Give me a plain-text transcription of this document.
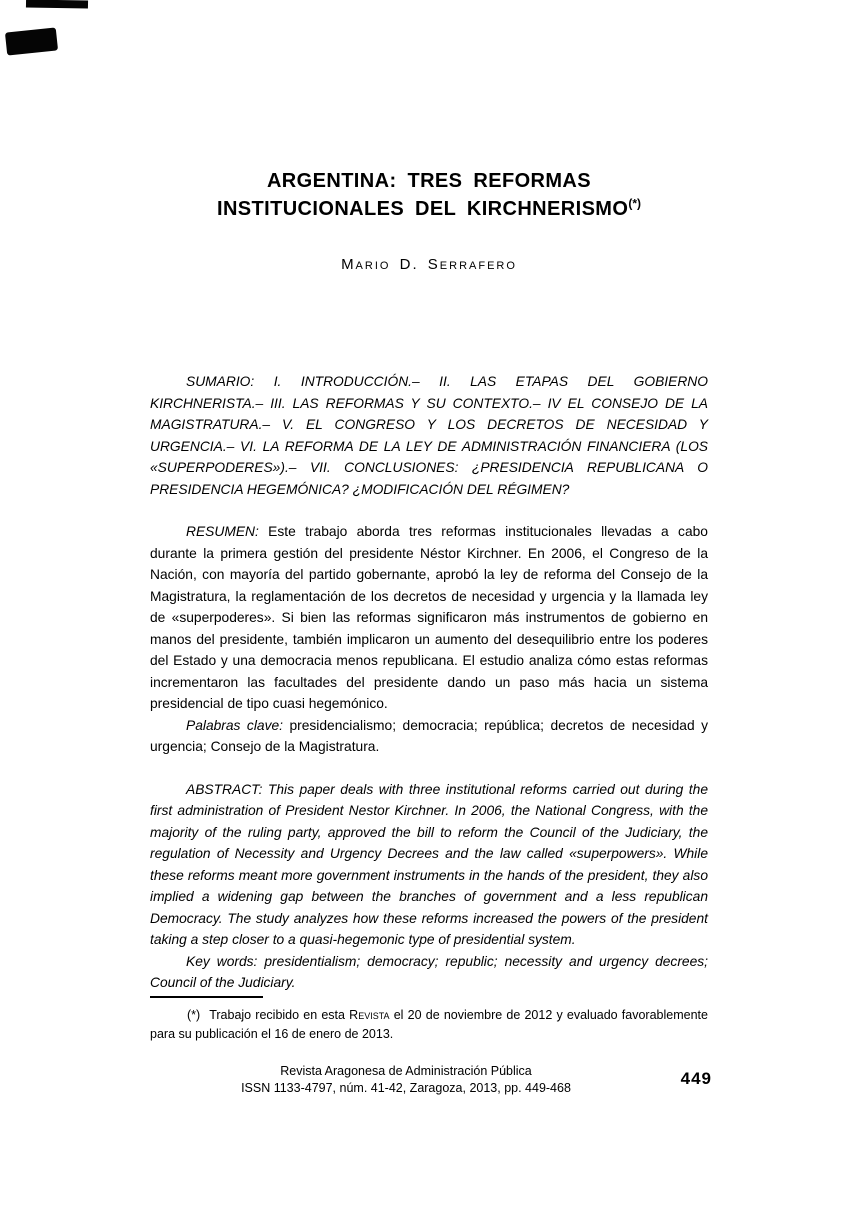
ARGENTINA: TRES REFORMAS
INSTITUCIONALES DEL KIRCHNERISMO(*)
Mario D. Serrafero

SUMARIO: I. INTRODUCCIÓN.– II. LAS ETAPAS DEL GOBIERNO KIRCHNERISTA.– III. LAS REFORMAS Y SU CONTEXTO.– IV EL CONSEJO DE LA MAGISTRATURA.– V. EL CONGRESO Y LOS DECRETOS DE NECESIDAD Y URGENCIA.– VI. LA REFORMA DE LA LEY DE ADMINISTRACIÓN FINANCIERA (LOS «SUPERPODERES»).– VII. CONCLUSIONES: ¿PRESIDENCIA REPUBLICANA O PRESIDENCIA HEGEMÓNICA? ¿MODIFICACIÓN DEL RÉGIMEN?

RESUMEN: Este trabajo aborda tres reformas institucionales llevadas a cabo durante la primera gestión del presidente Néstor Kirchner. En 2006, el Congreso de la Nación, con mayoría del partido gobernante, aprobó la ley de reforma del Consejo de la Magistratura, la reglamentación de los decretos de necesidad y urgencia y la llamada ley de «superpoderes». Si bien las reformas significaron más instrumentos de gobierno en manos del presidente, también implicaron un aumento del desequilibrio entre los poderes del Estado y una democracia menos republicana. El estudio analiza cómo estas reformas incrementaron las facultades del presidente dando un paso más hacia un sistema presidencial de tipo cuasi hegemónico.

Palabras clave: presidencialismo; democracia; república; decretos de necesidad y urgencia; Consejo de la Magistratura.

ABSTRACT: This paper deals with three institutional reforms carried out during the first administration of President Nestor Kirchner. In 2006, the National Congress, with the majority of the ruling party, approved the bill to reform the Council of the Judiciary, the regulation of Necessity and Urgency Decrees and the law called «superpowers». While these reforms meant more government instruments in the hands of the president, they also implied a widening gap between the branches of government and a less republican Democracy. The study analyzes how these reforms increased the powers of the president taking a step closer to a quasi-hegemonic type of presidential system.

Key words: presidentialism; democracy; republic; necessity and urgency decrees; Council of the Judiciary.

(*) Trabajo recibido en esta Revista el 20 de noviembre de 2012 y evaluado favorablemente para su publicación el 16 de enero de 2013.
Revista Aragonesa de Administración Pública
ISSN 1133-4797, núm. 41-42, Zaragoza, 2013, pp. 449-468	449
